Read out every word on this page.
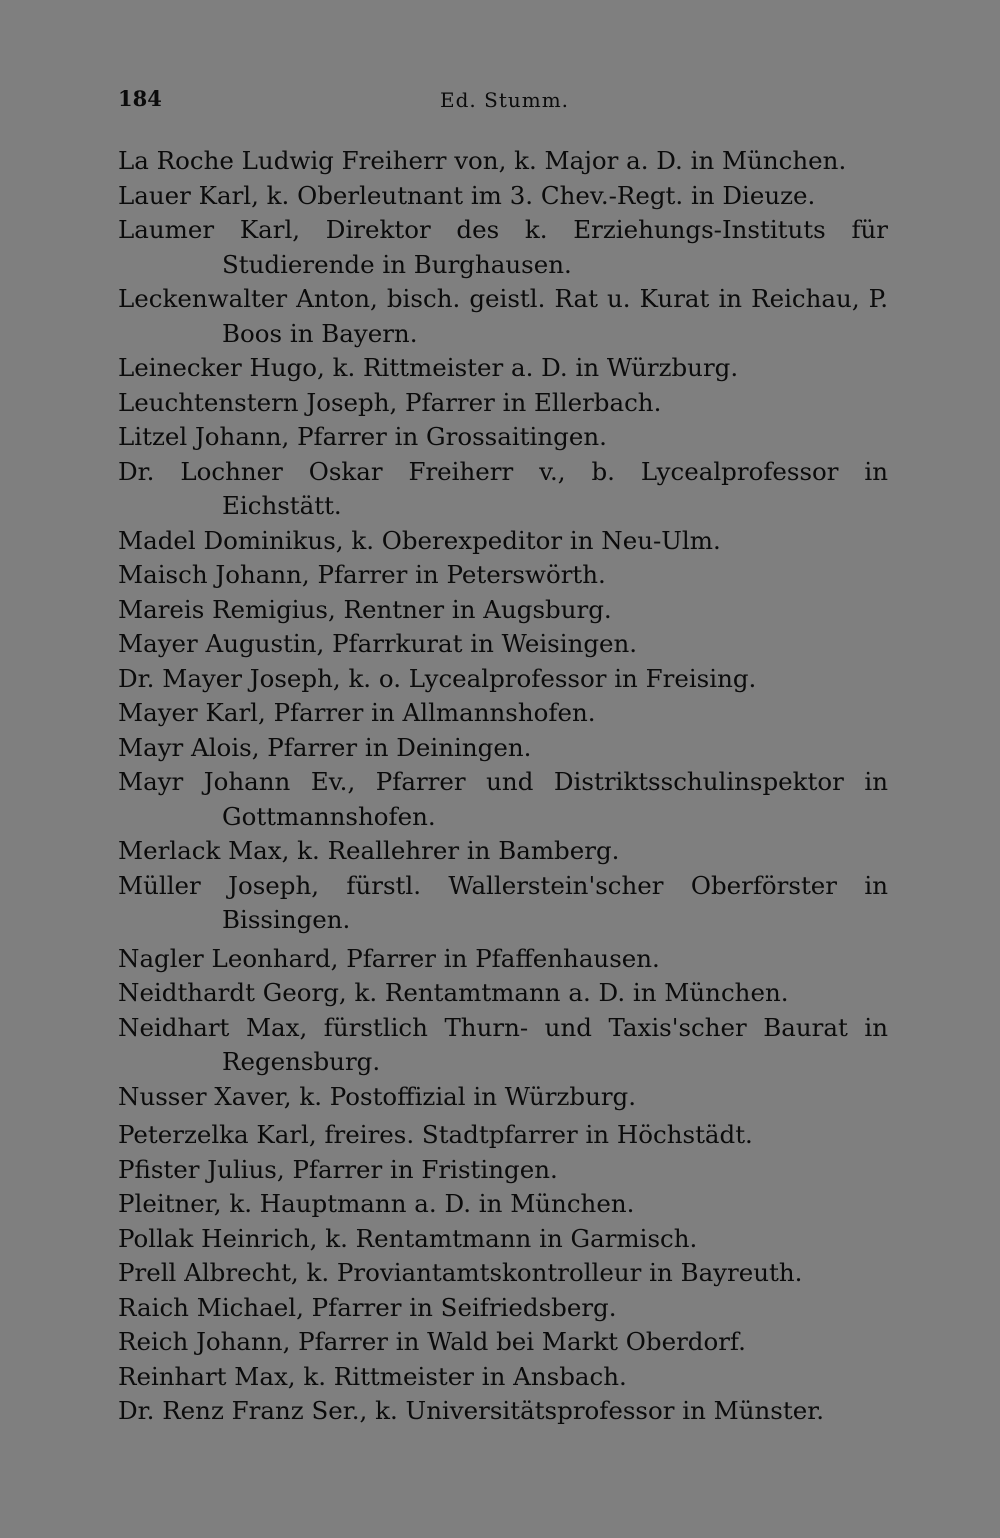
184	Ed. Stumm.
La Roche Ludwig Freiherr von, k. Major a. D. in München.
Lauer Karl, k. Oberleutnant im 3. Chev.-Regt. in Dieuze.
Laumer Karl, Direktor des k. Erziehungs-Instituts für Studierende in Burghausen.
Leckenwalter Anton, bisch. geistl. Rat u. Kurat in Reichau, P. Boos in Bayern.
Leinecker Hugo, k. Rittmeister a. D. in Würzburg.
Leuchtenstern Joseph, Pfarrer in Ellerbach.
Litzel Johann, Pfarrer in Grossaitingen.
Dr. Lochner Oskar Freiherr v., b. Lycealprofessor in Eichstätt.
Madel Dominikus, k. Oberexpeditor in Neu-Ulm.
Maisch Johann, Pfarrer in Peterswörth.
Mareis Remigius, Rentner in Augsburg.
Mayer Augustin, Pfarrkurat in Weisingen.
Dr. Mayer Joseph, k. o. Lycealprofessor in Freising.
Mayer Karl, Pfarrer in Allmannshofen.
Mayr Alois, Pfarrer in Deiningen.
Mayr Johann Ev., Pfarrer und Distriktsschulinspektor in Gottmannshofen.
Merlack Max, k. Reallehrer in Bamberg.
Müller Joseph, fürstl. Wallerstein'scher Oberförster in Bissingen.
Nagler Leonhard, Pfarrer in Pfaffenhausen.
Neidthardt Georg, k. Rentamtmann a. D. in München.
Neidhart Max, fürstlich Thurn- und Taxis'scher Baurat in Regensburg.
Nusser Xaver, k. Postoffizial in Würzburg.
Peterzelka Karl, freires. Stadtpfarrer in Höchstädt.
Pfister Julius, Pfarrer in Fristingen.
Pleitner, k. Hauptmann a. D. in München.
Pollak Heinrich, k. Rentamtmann in Garmisch.
Prell Albrecht, k. Proviantamtskontrolleur in Bayreuth.
Raich Michael, Pfarrer in Seifriedsberg.
Reich Johann, Pfarrer in Wald bei Markt Oberdorf.
Reinhart Max, k. Rittmeister in Ansbach.
Dr. Renz Franz Ser., k. Universitätsprofessor in Münster.
